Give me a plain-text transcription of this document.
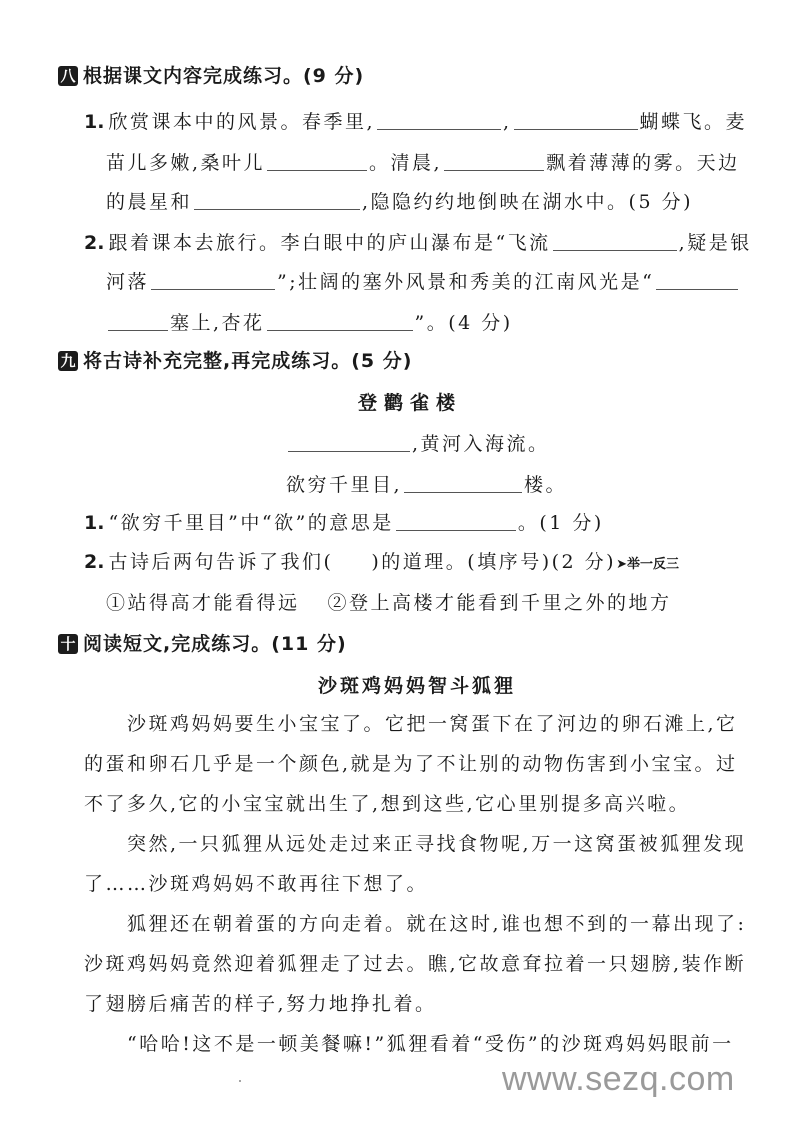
八 根据课文内容完成练习。(9 分)
1. 欣赏课本中的风景。春季里,	,	蝴蝶飞。麦
苗儿多嫩,桑叶儿	。清晨,	飘着薄薄的雾。天边
的晨星和	,隐隐约约地倒映在湖水中。(5 分)
2. 跟着课本去旅行。李白眼中的庐山瀑布是“飞流	,疑是银
河落	”;壮阔的塞外风景和秀美的江南风光是“
塞上,杏花	”。(4 分)
九 将古诗补充完整,再完成练习。(5 分)
登鹳雀楼
,黄河入海流。
欲穷千里目,	楼。
1. “欲穷千里目”中“欲”的意思是	。(1 分)
2. 古诗后两句告诉了我们( )的道理。(填序号)(2 分)➤举一反三
①站得高才能看得远 ②登上高楼才能看到千里之外的地方
十 阅读短文,完成练习。(11 分)
沙斑鸡妈妈智斗狐狸
沙斑鸡妈妈要生小宝宝了。它把一窝蛋下在了河边的卵石滩上,它
的蛋和卵石几乎是一个颜色,就是为了不让别的动物伤害到小宝宝。过
不了多久,它的小宝宝就出生了,想到这些,它心里别提多高兴啦。
突然,一只狐狸从远处走过来正寻找食物呢,万一这窝蛋被狐狸发现
了……沙斑鸡妈妈不敢再往下想了。
狐狸还在朝着蛋的方向走着。就在这时,谁也想不到的一幕出现了:
沙斑鸡妈妈竟然迎着狐狸走了过去。瞧,它故意耷拉着一只翅膀,装作断
了翅膀后痛苦的样子,努力地挣扎着。
“哈哈!这不是一顿美餐嘛!”狐狸看着“受伤”的沙斑鸡妈妈眼前一
www.sezq.com
